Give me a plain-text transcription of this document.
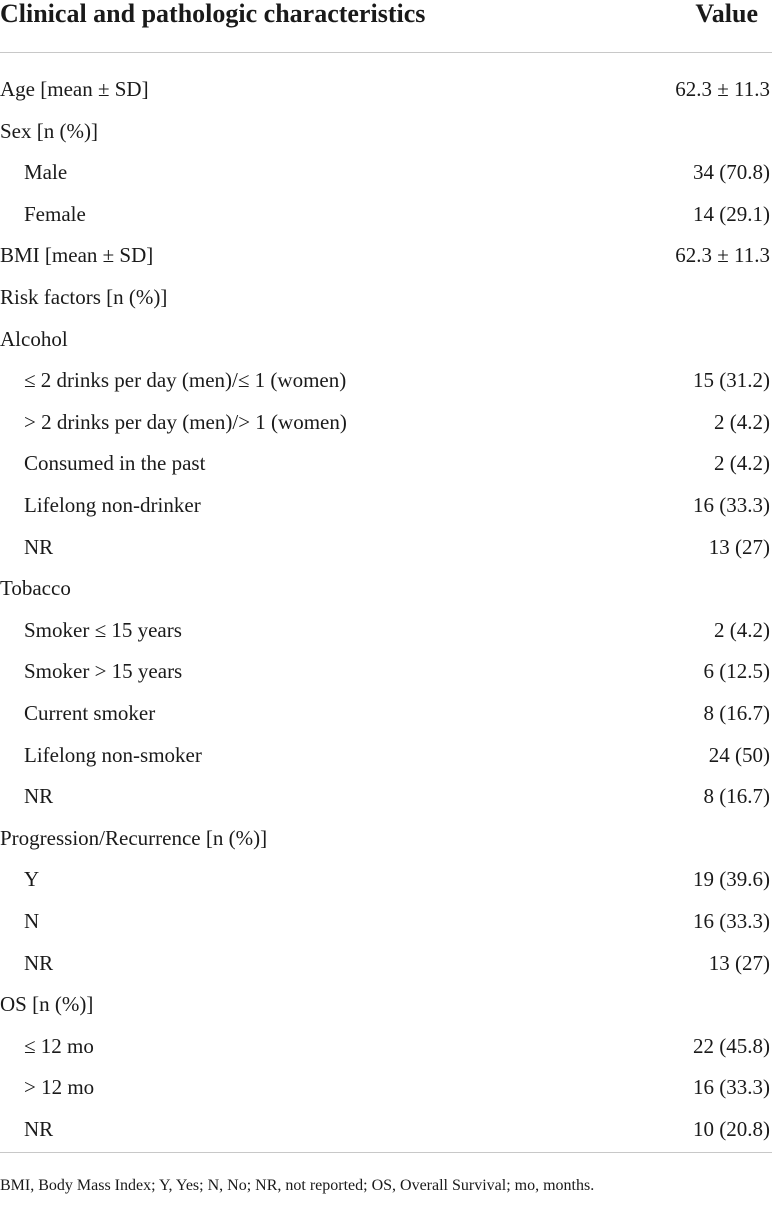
Clinical and pathologic characteristics	Value
Age [mean ± SD]	62.3 ± 11.3
Sex [n (%)]
Male	34 (70.8)
Female	14 (29.1)
BMI [mean ± SD]	62.3 ± 11.3
Risk factors [n (%)]
Alcohol
≤ 2 drinks per day (men)/≤ 1 (women)	15 (31.2)
> 2 drinks per day (men)/> 1 (women)	2 (4.2)
Consumed in the past	2 (4.2)
Lifelong non-drinker	16 (33.3)
NR	13 (27)
Tobacco
Smoker ≤ 15 years	2 (4.2)
Smoker > 15 years	6 (12.5)
Current smoker	8 (16.7)
Lifelong non-smoker	24 (50)
NR	8 (16.7)
Progression/Recurrence [n (%)]
Y	19 (39.6)
N	16 (33.3)
NR	13 (27)
OS [n (%)]
≤ 12 mo	22 (45.8)
> 12 mo	16 (33.3)
NR	10 (20.8)
BMI, Body Mass Index; Y, Yes; N, No; NR, not reported; OS, Overall Survival; mo, months.
